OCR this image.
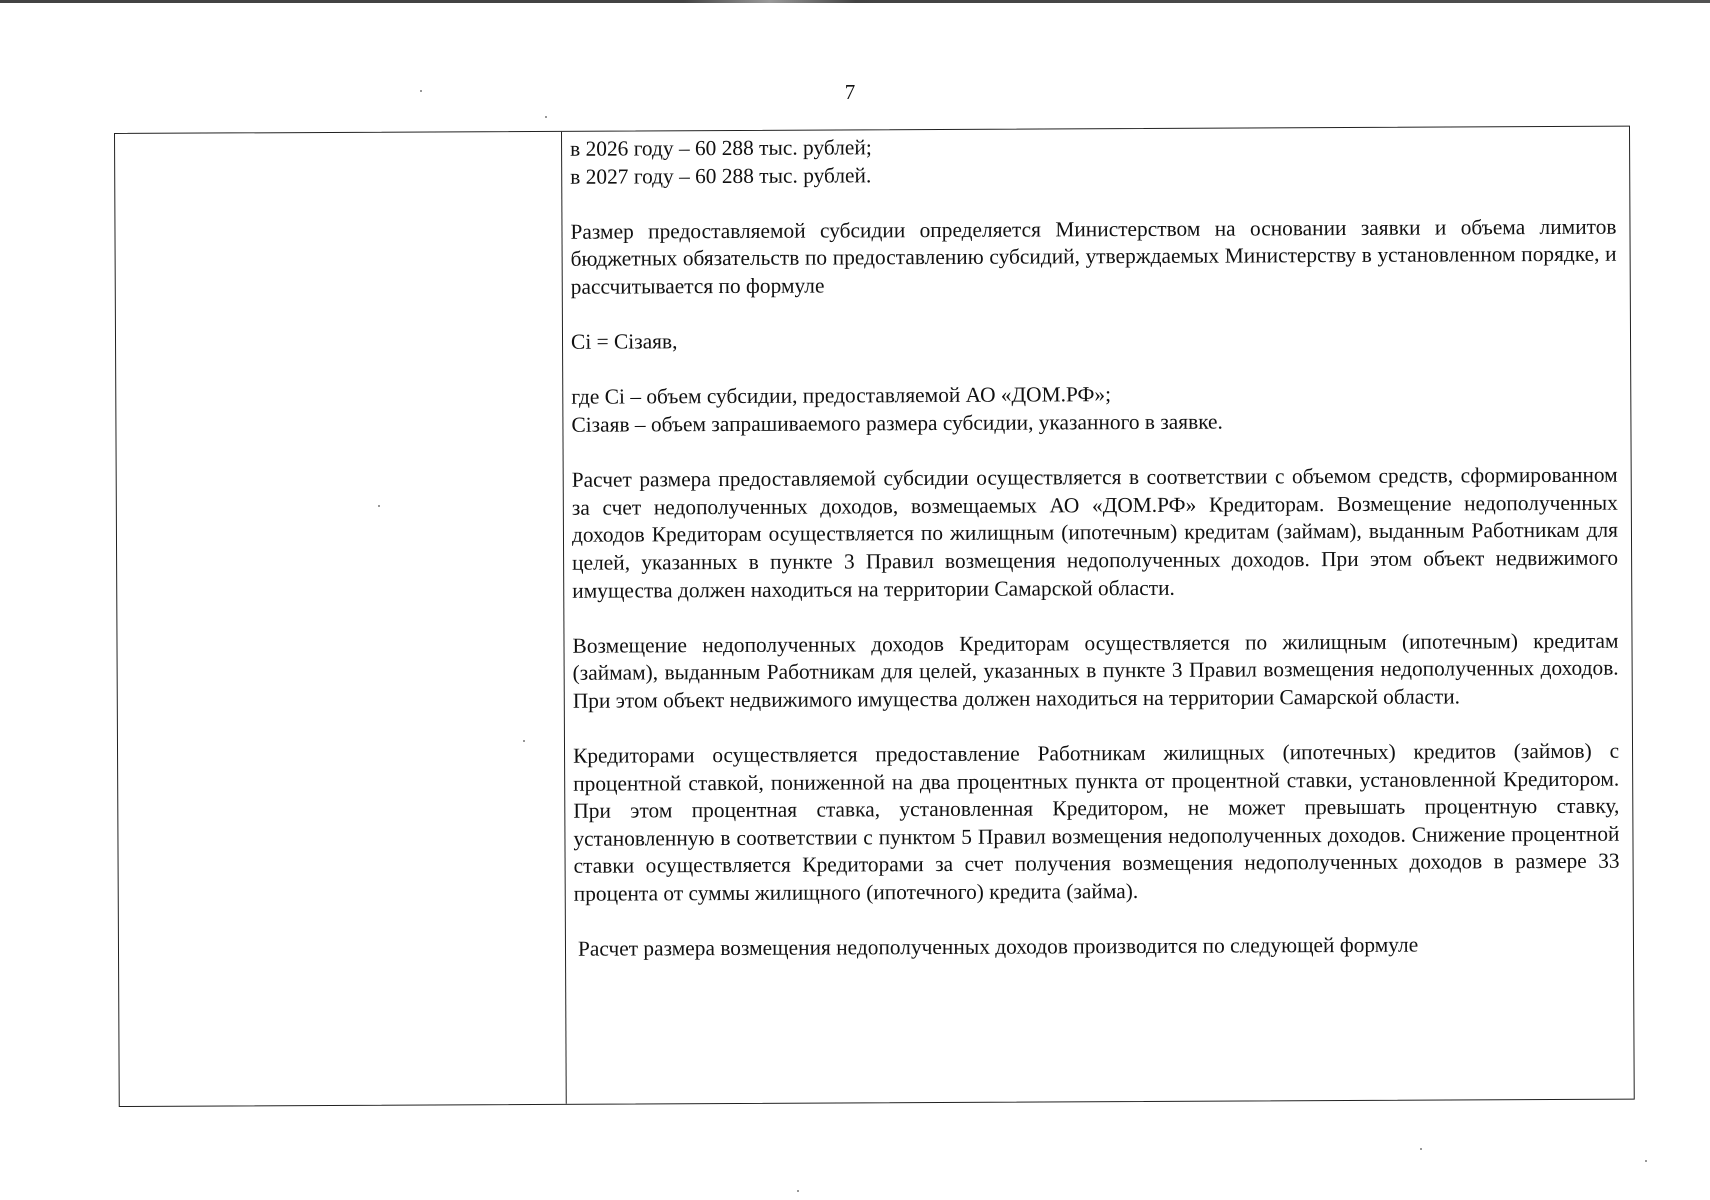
7

в 2026 году – 60 288 тыс. рублей;

в 2027 году – 60 288 тыс. рублей.

Размер предоставляемой субсидии определяется Министерством на основании заявки и объема лимитов бюджетных обязательств по предоставлению субсидий, утверждаемых Министерству в установленном порядке, и рассчитывается по формуле

Ci = Ciзаяв,

где Ci – объем субсидии, предоставляемой АО «ДОМ.РФ»;

Ciзаяв – объем запрашиваемого размера субсидии, указанного в заявке.

Расчет размера предоставляемой субсидии осуществляется в соответствии с объемом средств, сформированном за счет недополученных доходов, возмещаемых АО «ДОМ.РФ» Кредиторам. Возмещение недополученных доходов Кредиторам осуществляется по жилищным (ипотечным) кредитам (займам), выданным Работникам для целей, указанных в пункте 3 Правил возмещения недополученных доходов. При этом объект недвижимого имущества должен находиться на территории Самарской области.

Возмещение недополученных доходов Кредиторам осуществляется по жилищным (ипотечным) кредитам (займам), выданным Работникам для целей, указанных в пункте 3 Правил возмещения недополученных доходов. При этом объект недвижимого имущества должен находиться на территории Самарской области.

Кредиторами осуществляется предоставление Работникам жилищных (ипотечных) кредитов (займов) с процентной ставкой, пониженной на два процентных пункта от процентной ставки, установленной Кредитором. При этом процентная ставка, установленная Кредитором, не может превышать процентную ставку, установленную в соответствии с пунктом 5 Правил возмещения недополученных доходов. Снижение процентной ставки осуществляется Кредиторами за счет получения возмещения недополученных доходов в размере 33 процента от суммы жилищного (ипотечного) кредита (займа).

Расчет размера возмещения недополученных доходов производится по следующей формуле
